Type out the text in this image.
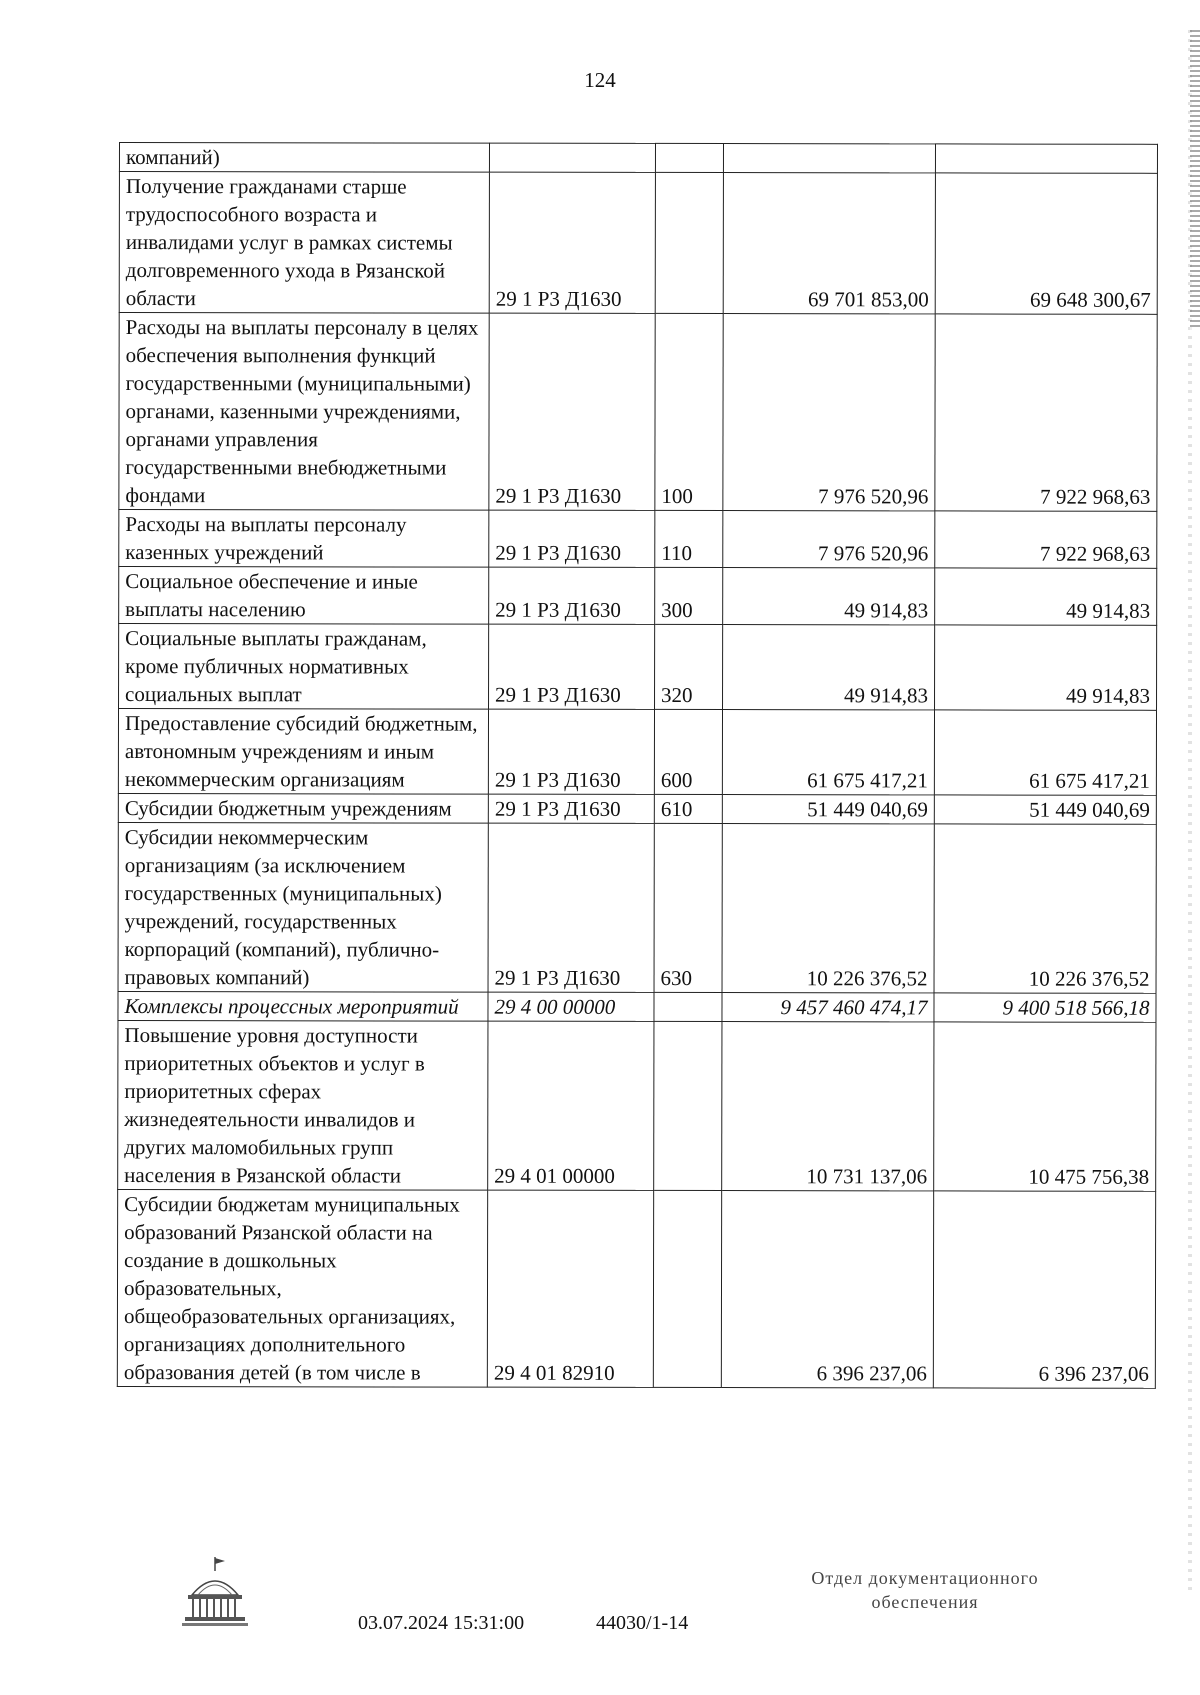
124
компаний)				
Получение гражданами старше трудоспособного возраста и инвалидами услуг в рамках системы долговременного ухода в Рязанской области	29 1 Р3 Д1630		69 701 853,00	69 648 300,67
Расходы на выплаты персоналу в целях обеспечения выполнения функций государственными (муниципальными) органами, казенными учреждениями, органами управления государственными внебюджетными фондами	29 1 Р3 Д1630	100	7 976 520,96	7 922 968,63
Расходы на выплаты персоналу казенных учреждений	29 1 Р3 Д1630	110	7 976 520,96	7 922 968,63
Социальное обеспечение и иные выплаты населению	29 1 Р3 Д1630	300	49 914,83	49 914,83
Социальные выплаты гражданам, кроме публичных нормативных социальных выплат	29 1 Р3 Д1630	320	49 914,83	49 914,83
Предоставление субсидий бюджетным, автономным учреждениям и иным некоммерческим организациям	29 1 Р3 Д1630	600	61 675 417,21	61 675 417,21
Субсидии бюджетным учреждениям	29 1 Р3 Д1630	610	51 449 040,69	51 449 040,69
Субсидии некоммерческим организациям (за исключением государственных (муниципальных) учреждений, государственных корпораций (компаний), публично-правовых компаний)	29 1 Р3 Д1630	630	10 226 376,52	10 226 376,52
Комплексы процессных мероприятий	29 4 00 00000		9 457 460 474,17	9 400 518 566,18
Повышение уровня доступности приоритетных объектов и услуг в приоритетных сферах жизнедеятельности инвалидов и других маломобильных групп населения в Рязанской области	29 4 01 00000		10 731 137,06	10 475 756,38
Субсидии бюджетам муниципальных образований Рязанской области на создание в дошкольных образовательных, общеобразовательных организациях, организациях дополнительного образования детей (в том числе в	29 4 01 82910		6 396 237,06	6 396 237,06
03.07.2024 15:31:00	44030/1-14
Отдел документационного
обеспечения
